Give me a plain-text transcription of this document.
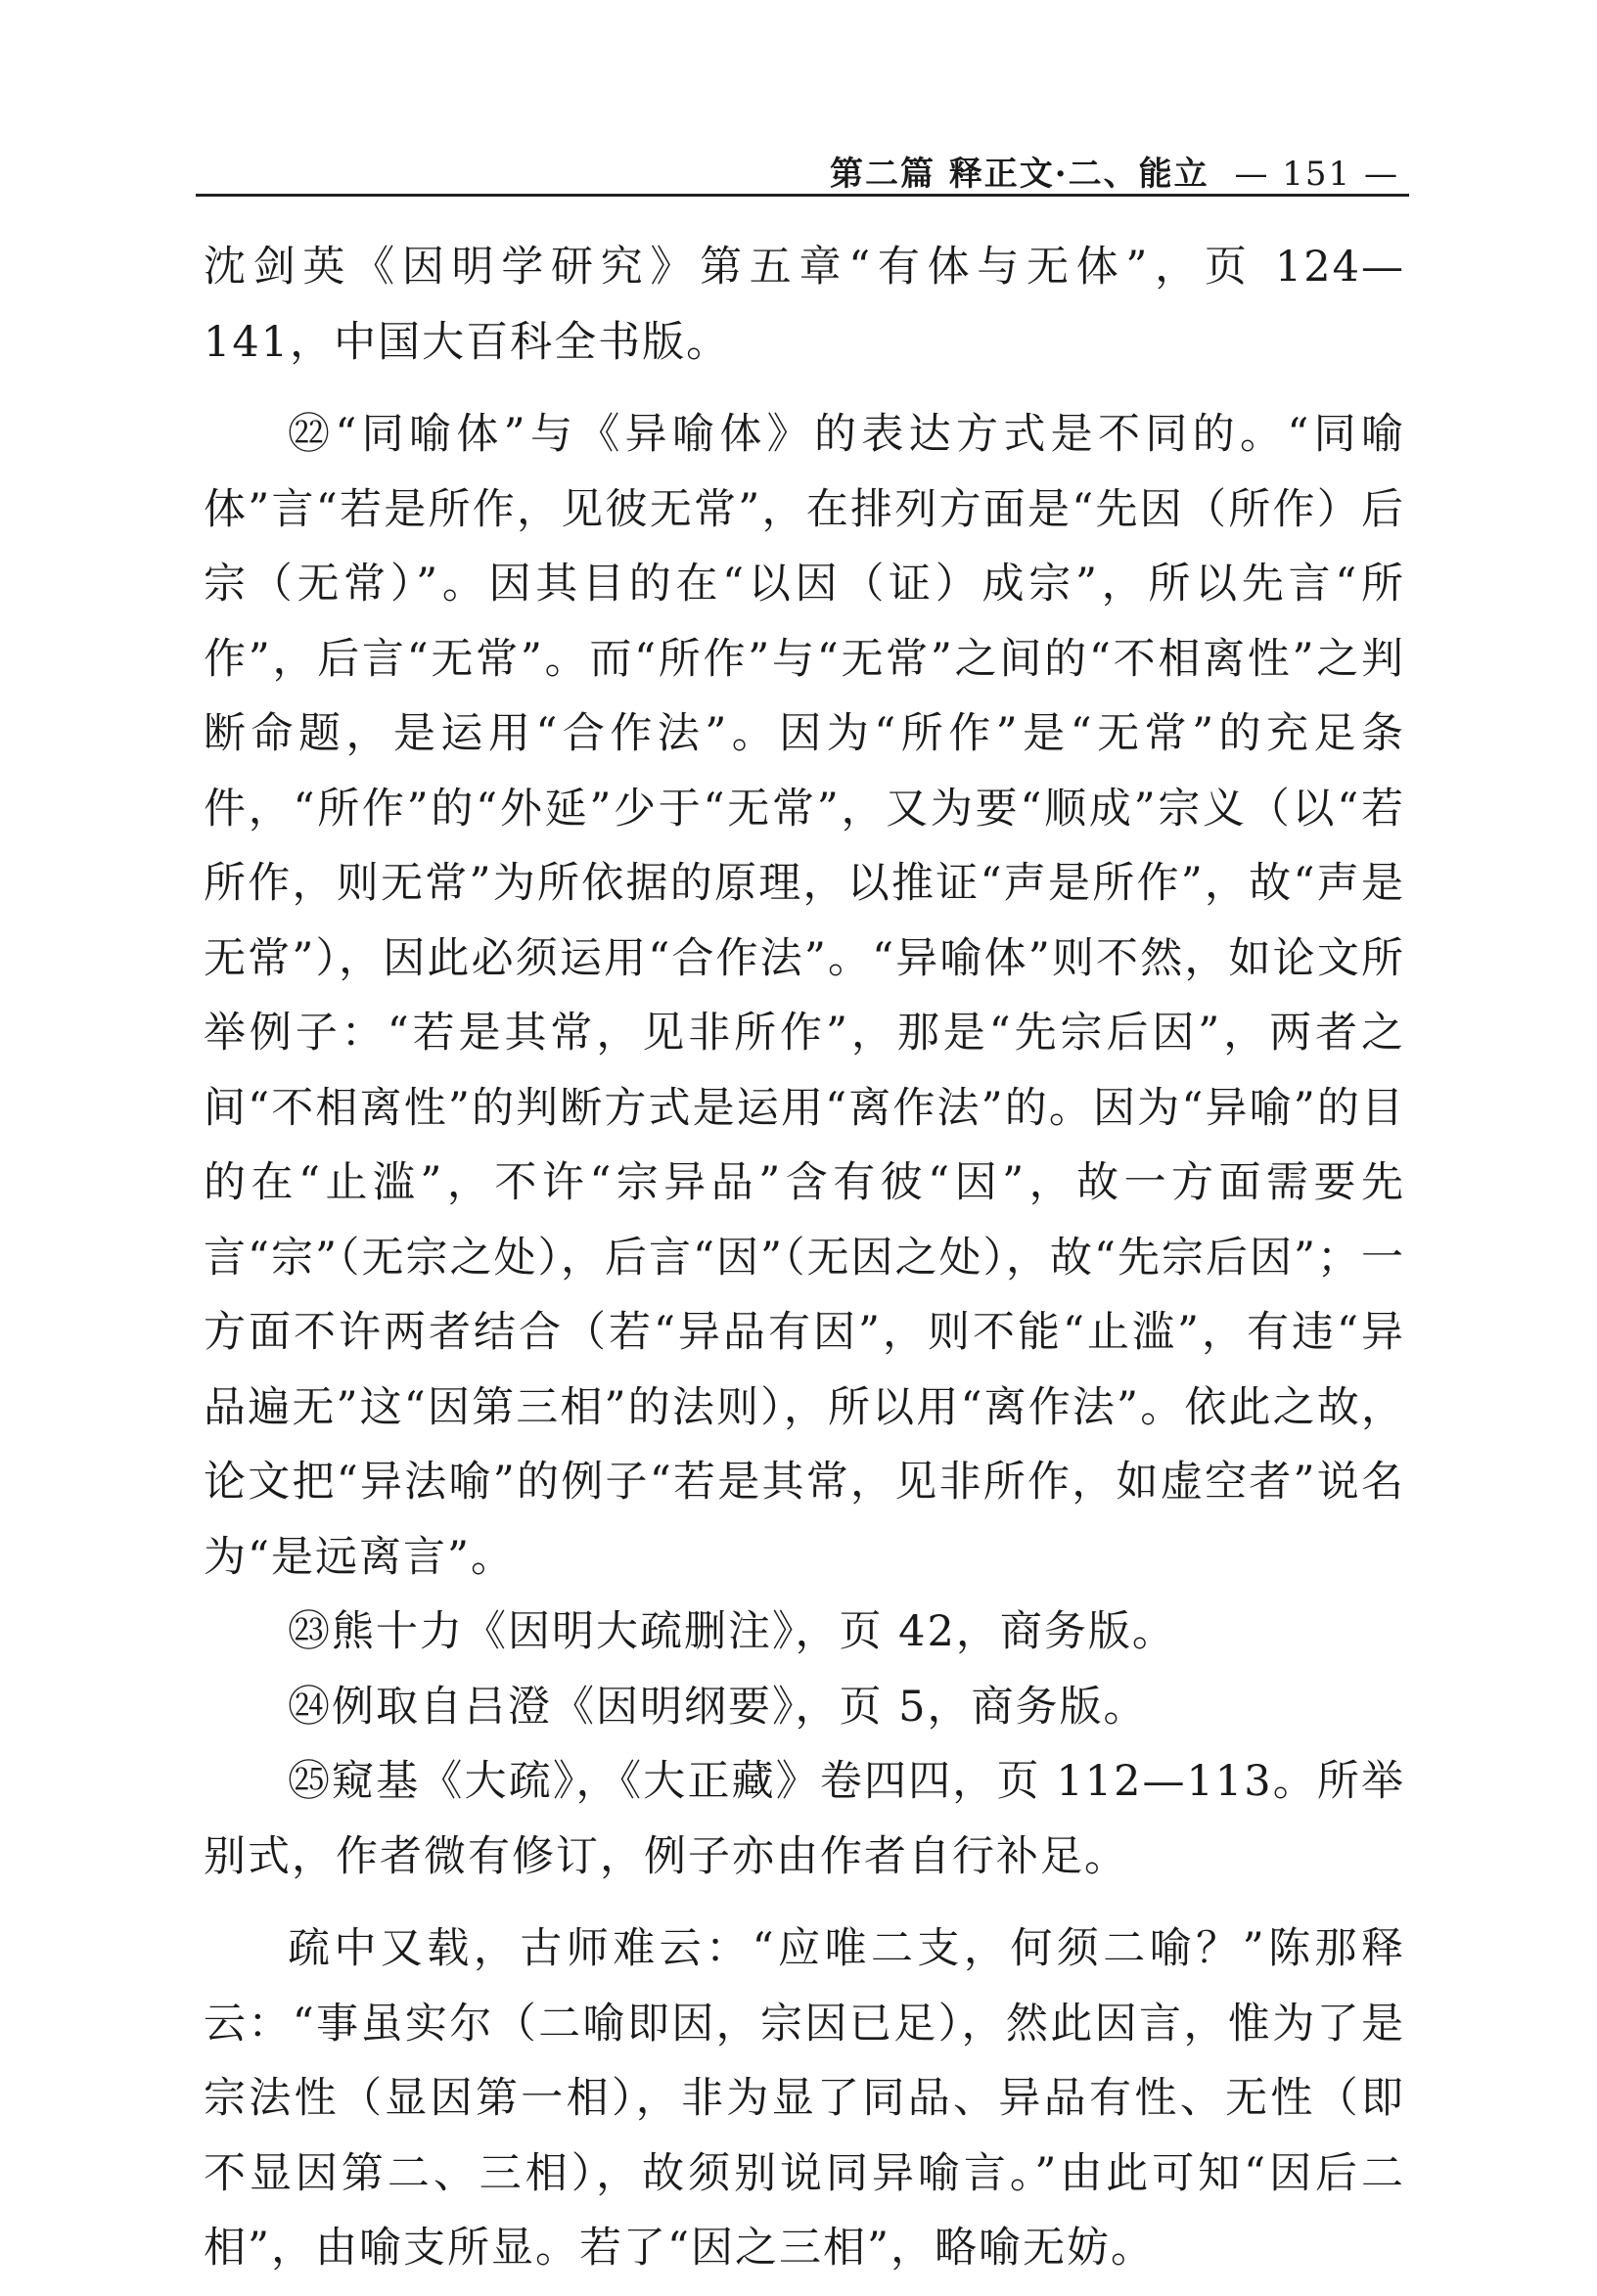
第二篇 释正文·二、能立 — 151 —

沈剑英《因明学研究》第五章“有体与无体”，页 124—141，中国大百科全书版。

㉒“同喻体”与《异喻体》的表达方式是不同的。“同喻体”言“若是所作，见彼无常”，在排列方面是“先因（所作）后宗（无常）”。因其目的在“以因（证）成宗”，所以先言“所作”，后言“无常”。而“所作”与“无常”之间的“不相离性”之判断命题，是运用“合作法”。因为“所作”是“无常”的充足条件，“所作”的“外延”少于“无常”，又为要“顺成”宗义（以“若所作，则无常”为所依据的原理，以推证“声是所作”，故“声是无常”），因此必须运用“合作法”。“异喻体”则不然，如论文所举例子：“若是其常，见非所作”，那是“先宗后因”，两者之间“不相离性”的判断方式是运用“离作法”的。因为“异喻”的目的在“止滥”，不许“宗异品”含有彼“因”，故一方面需要先言“宗”（无宗之处），后言“因”（无因之处），故“先宗后因”；一方面不许两者结合（若“异品有因”，则不能“止滥”，有违“异品遍无”这“因第三相”的法则），所以用“离作法”。依此之故，论文把“异法喻”的例子“若是其常，见非所作，如虚空者”说名为“是远离言”。

㉓熊十力《因明大疏删注》，页 42，商务版。

㉔例取自吕澄《因明纲要》，页 5，商务版。

㉕窥基《大疏》，《大正藏》卷四四，页 112—113。所举别式，作者微有修订，例子亦由作者自行补足。

疏中又载，古师难云：“应唯二支，何须二喻？”陈那释云：“事虽实尔（二喻即因，宗因已足），然此因言，惟为了是宗法性（显因第一相），非为显了同品、异品有性、无性（即不显因第二、三相），故须别说同异喻言。”由此可知“因后二相”，由喻支所显。若了“因之三相”，略喻无妨。
